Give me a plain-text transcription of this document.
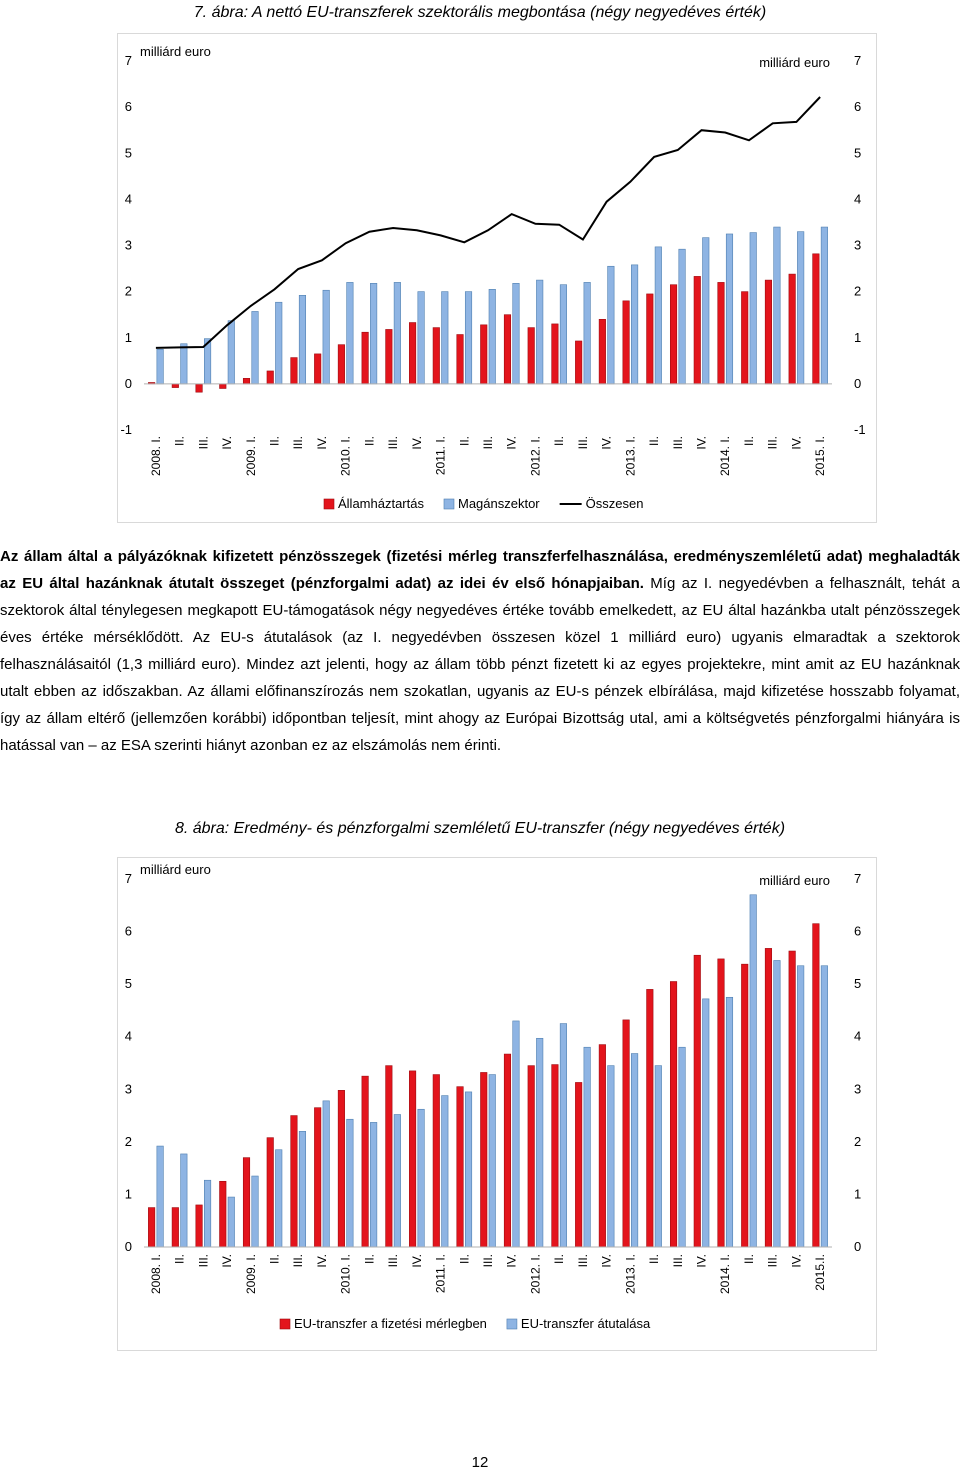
7. ábra: A nettó EU-transzferek szektorális megbontása (négy negyedéves érték)
milliárd euro
milliárd euro
-1	-1
0	0
1	1
2	2
3	3
4	4
5	5
6	6
7	7
2008. I. II. III. IV. 2009. I. II. III. IV. 2010. I. II. III. IV. 2011. I. II. III. IV. 2012. I. II. III. IV. 2013. I. II. III. IV. 2014. I. II. III. IV. 2015. I.
Államháztartás	Magánszektor	Összesen

Az állam által a pályázóknak kifizetett pénzösszegek (fizetési mérleg transzferfelhasználása, eredményszemléletű adat) meghaladták az EU által hazánknak átutalt összeget (pénzforgalmi adat) az idei év első hónapjaiban. Míg az I. negyedévben a felhasznált, tehát a szektorok által ténylegesen megkapott EU-támogatások négy negyedéves értéke tovább emelkedett, az EU által hazánkba utalt pénzösszegek éves értéke mérséklődött. Az EU-s átutalások (az I. negyedévben összesen közel 1 milliárd euro) ugyanis elmaradtak a szektorok felhasználásaitól (1,3 milliárd euro). Mindez azt jelenti, hogy az állam több pénzt fizetett ki az egyes projektekre, mint amit az EU hazánknak utalt ebben az időszakban. Az állami előfinanszírozás nem szokatlan, ugyanis az EU-s pénzek elbírálása, majd kifizetése hosszabb folyamat, így az állam eltérő (jellemzően korábbi) időpontban teljesít, mint ahogy az Európai Bizottság utal, ami a költségvetés pénzforgalmi hiányára is hatással van – az ESA szerinti hiányt azonban ez az elszámolás nem érinti.

8. ábra: Eredmény- és pénzforgalmi szemléletű EU-transzfer (négy negyedéves érték)
milliárd euro
milliárd euro
0	0
1	1
2	2
3	3
4	4
5	5
6	6
7	7
2008. I. II. III. IV. 2009. I. II. III. IV. 2010. I. II. III. IV. 2011. I. II. III. IV. 2012. I. II. III. IV. 2013. I. II. III. IV. 2014. I. II. III. IV. 2015.I.
EU-transzfer a fizetési mérlegben	EU-transzfer átutalása
12
